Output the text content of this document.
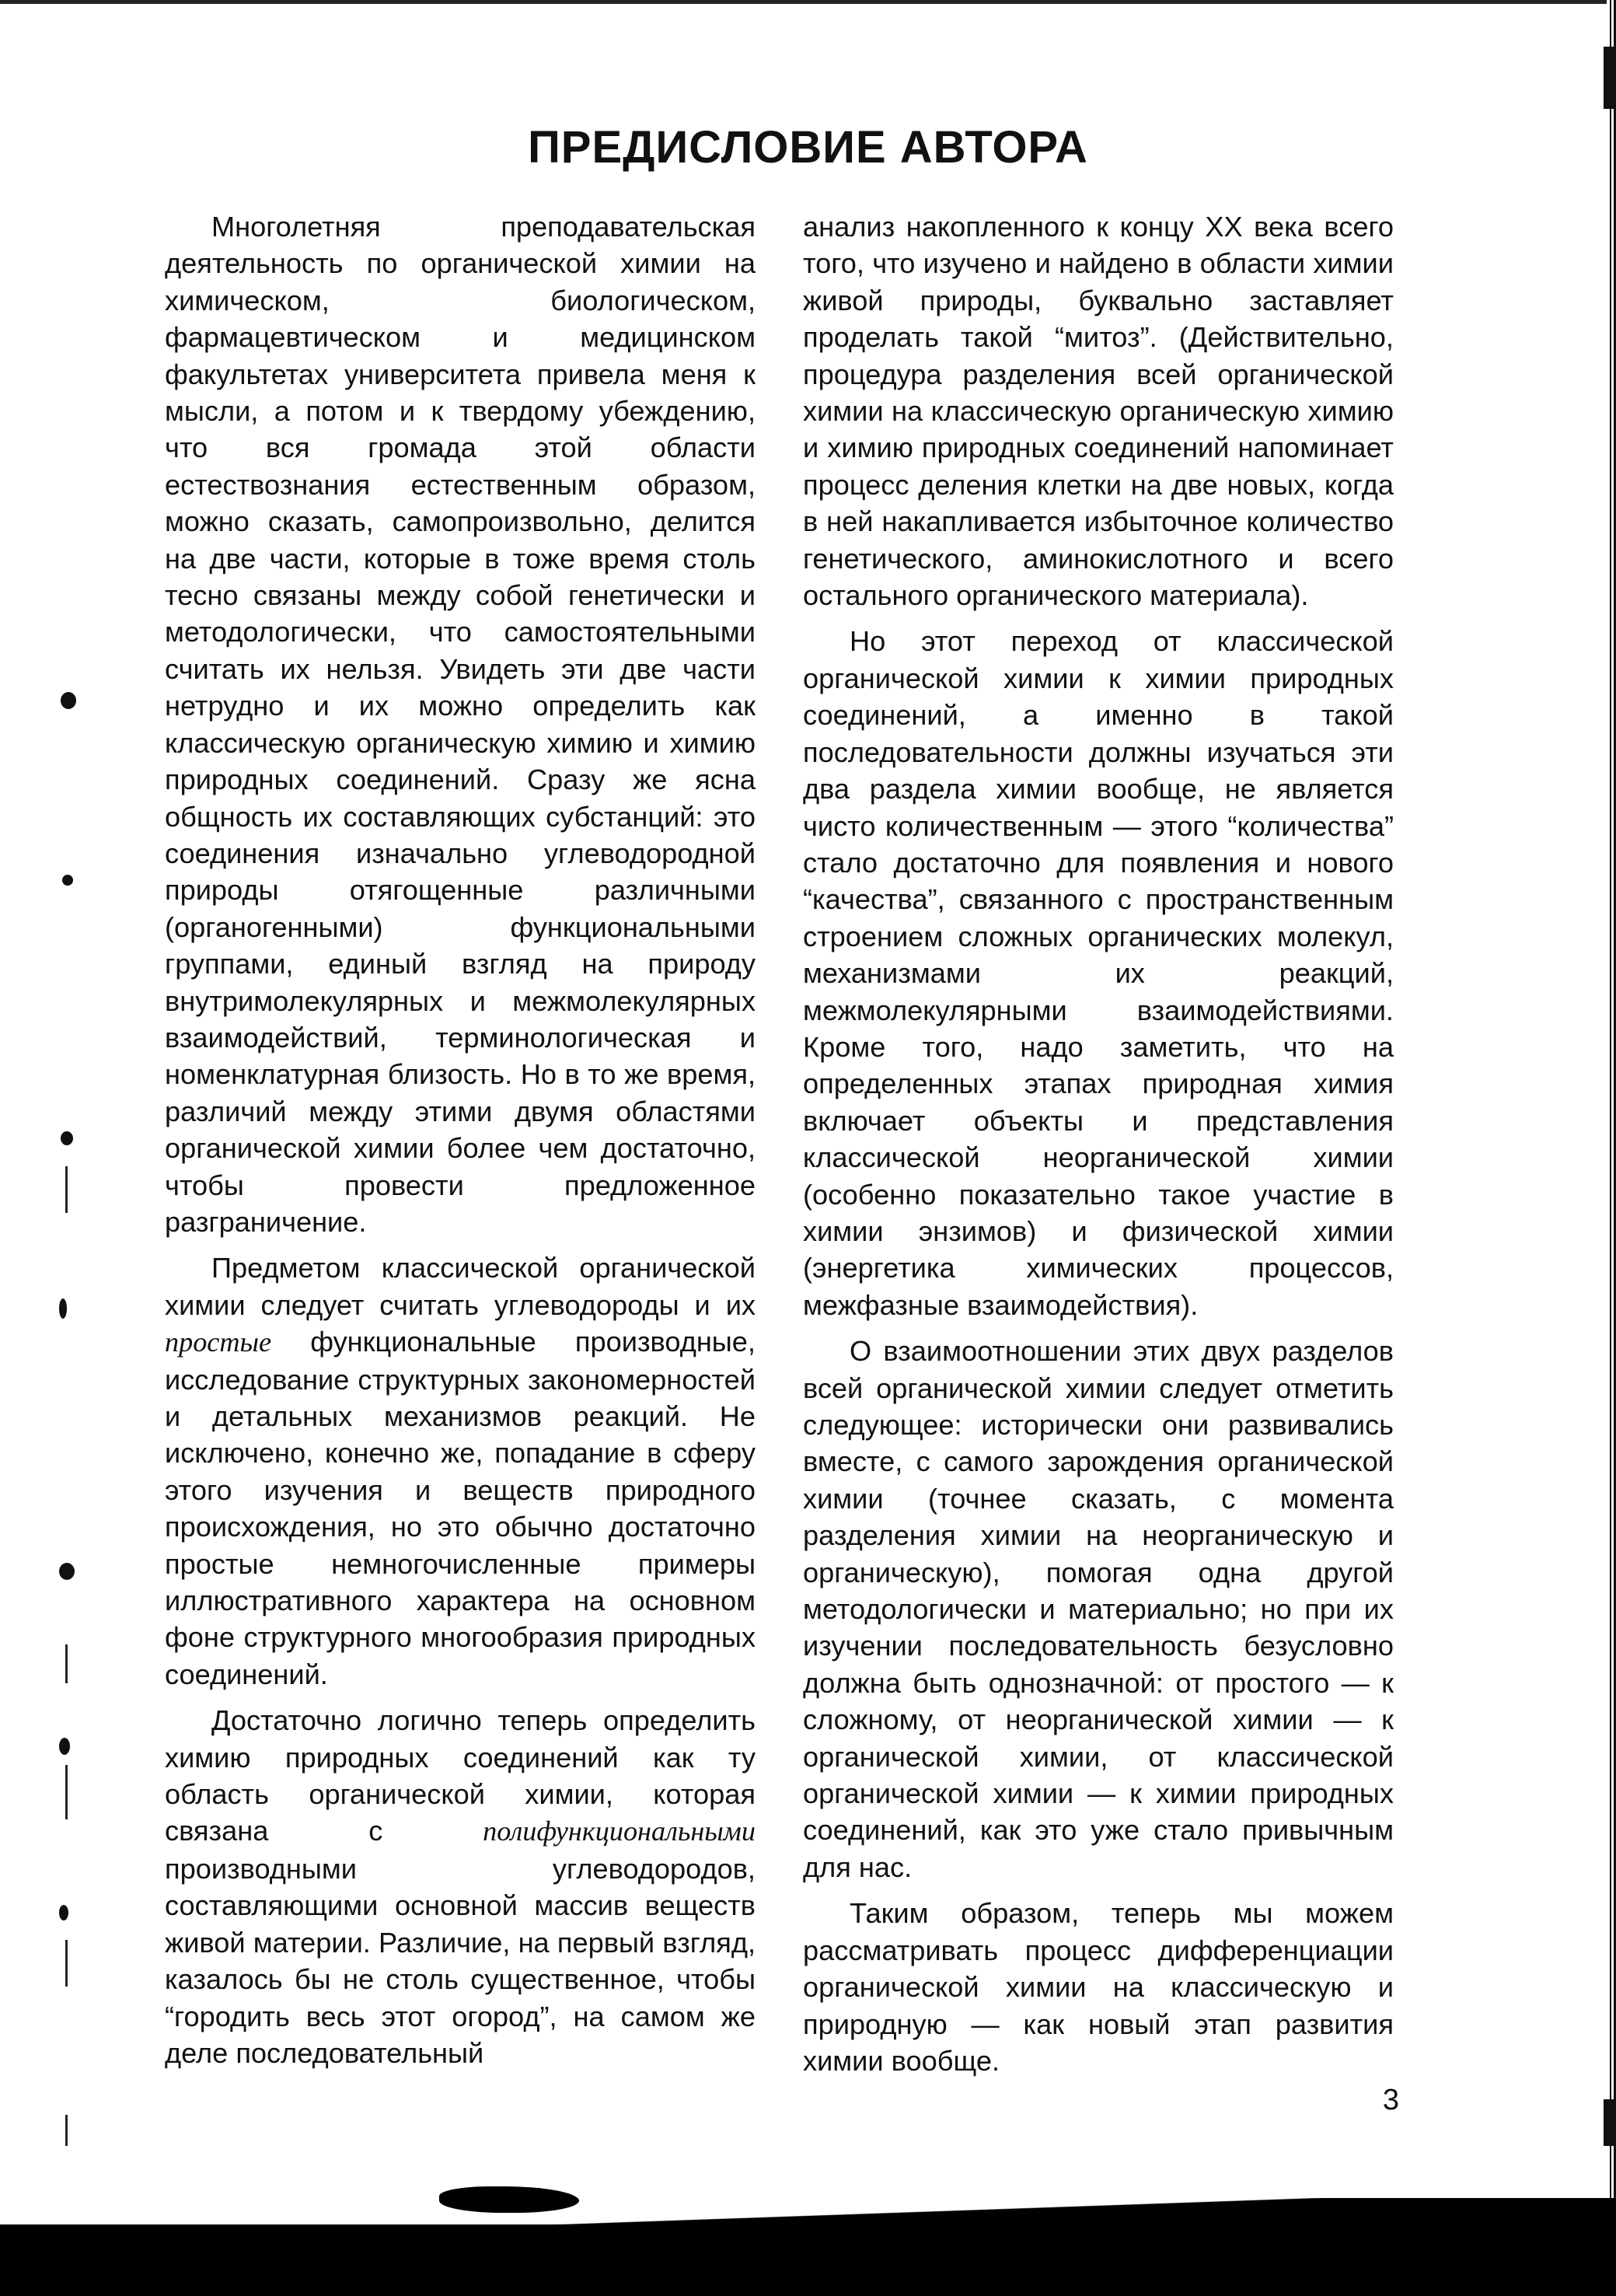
ПРЕДИСЛОВИЕ АВТОРА

Многолетняя преподавательская деятельность по органической химии на химическом, биологическом, фармацевтическом и медицинском факультетах университета привела меня к мысли, а потом и к твердому убеждению, что вся громада этой области естествознания естественным образом, можно сказать, самопроизвольно, делится на две части, которые в тоже время столь тесно связаны между собой генетически и методологически, что самостоятельными считать их нельзя. Увидеть эти две части нетрудно и их можно определить как классическую органическую химию и химию природных соединений. Сразу же ясна общность их составляющих субстанций: это соединения изначально углеводородной природы отягощенные различными (органогенными) функциональными группами, единый взгляд на природу внутримолекулярных и межмолекулярных взаимодействий, терминологическая и номенклатурная близость. Но в то же время, различий между этими двумя областями органической химии более чем достаточно, чтобы провести предложенное разграничение.

Предметом классической органической химии следует считать углеводороды и их простые функциональные производные, исследование структурных закономерностей и детальных механизмов реакций. Не исключено, конечно же, попадание в сферу этого изучения и веществ природного происхождения, но это обычно достаточно простые немногочисленные примеры иллюстративного характера на основном фоне структурного многообразия природных соединений.

Достаточно логично теперь определить химию природных соединений как ту область органической химии, которая связана с полифункциональными производными углеводородов, составляющими основной массив веществ живой материи. Различие, на первый взгляд, казалось бы не столь существенное, чтобы “городить весь этот огород”, на самом же деле последовательный

анализ накопленного к концу XX века всего того, что изучено и найдено в области химии живой природы, буквально заставляет проделать такой “митоз”. (Действительно, процедура разделения всей органической химии на классическую органическую химию и химию природных соединений напоминает процесс деления клетки на две новых, когда в ней накапливается избыточное количество генетического, аминокислотного и всего остального органического материала).

Но этот переход от классической органической химии к химии природных соединений, а именно в такой последовательности должны изучаться эти два раздела химии вообще, не является чисто количественным — этого “количества” стало достаточно для появления и нового “качества”, связанного с пространственным строением сложных органических молекул, механизмами их реакций, межмолекулярными взаимодействиями. Кроме того, надо заметить, что на определенных этапах природная химия включает объекты и представления классической неорганической химии (особенно показательно такое участие в химии энзимов) и физической химии (энергетика химических процессов, межфазные взаимодействия).

О взаимоотношении этих двух разделов всей органической химии следует отметить следующее: исторически они развивались вместе, с самого зарождения органической химии (точнее сказать, с момента разделения химии на неорганическую и органическую), помогая одна другой методологически и материально; но при их изучении последовательность безусловно должна быть однозначной: от простого — к сложному, от неорганической химии — к органической химии, от классической органической химии — к химии природных соединений, как это уже стало привычным для нас.

Таким образом, теперь мы можем рассматривать процесс дифференциации органической химии на классическую и природную — как новый этап развития химии вообще.

3
